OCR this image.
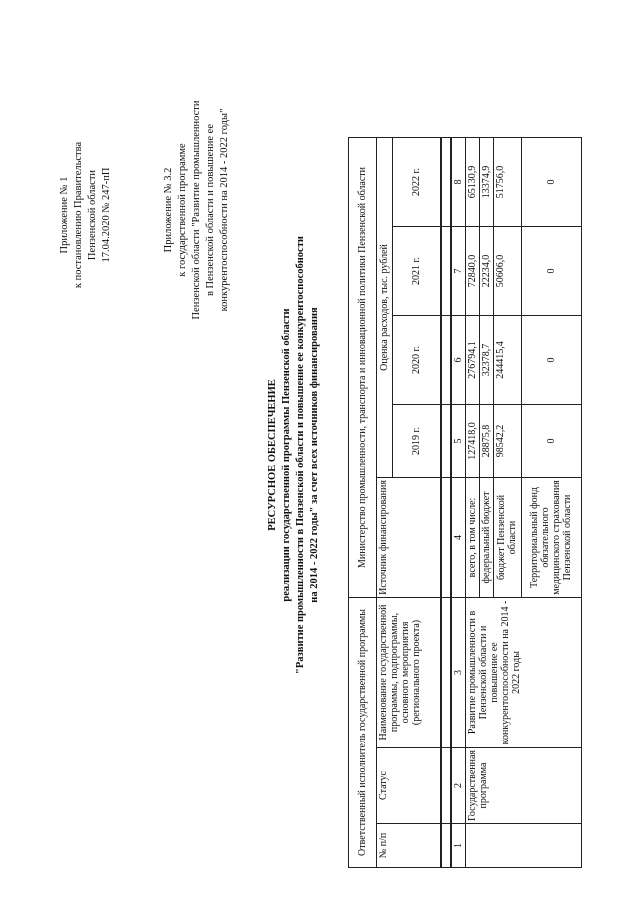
Приложение № 1 к постановлению Правительства Пензенской области 17.04.2020 № 247-пП	Приложение № 3.2 к государственной программе Пензенской области "Развитие промышленности в Пензенской области и повышение ее конкурентоспособности на 2014 - 2022 годы"
РЕСУРСНОЕ ОБЕСПЕЧЕНИЕ реализации государственной программы Пензенской области "Развитие промышленности в Пензенской области и повышение ее конкурентоспособности на 2014 - 2022 годы" за счет всех источников финансирования
Ответственный исполнитель государственной программы			Министерство промышленности, транспорта и инновационной политики Пензенской области				
№ п/п	Статус	Наименование государственной программы, подпрограммы, основного мероприятия (регионального проекта)	Источник финансирования	Оценка расходов, тыс. рублей			
				2019 г.	2020 г.	2021 г.	2022 г.

1	2	3	4	5	6	7	8
	Государственная программа	Развитие промышленности в Пензенской области и повышение ее конкурентоспособности на 2014 - 2022 годы	всего, в том числе:	127418,0	276794,1	72840,0	65130,9
			федеральный бюджет	28875,8	32378,7	22234,0	13374,9
			бюджет Пензенской области	98542,2	244415,4	50606,0	51756,0
			Территориальный фонд обязательного медицинского страхования Пензенской области	0	0	0	0
